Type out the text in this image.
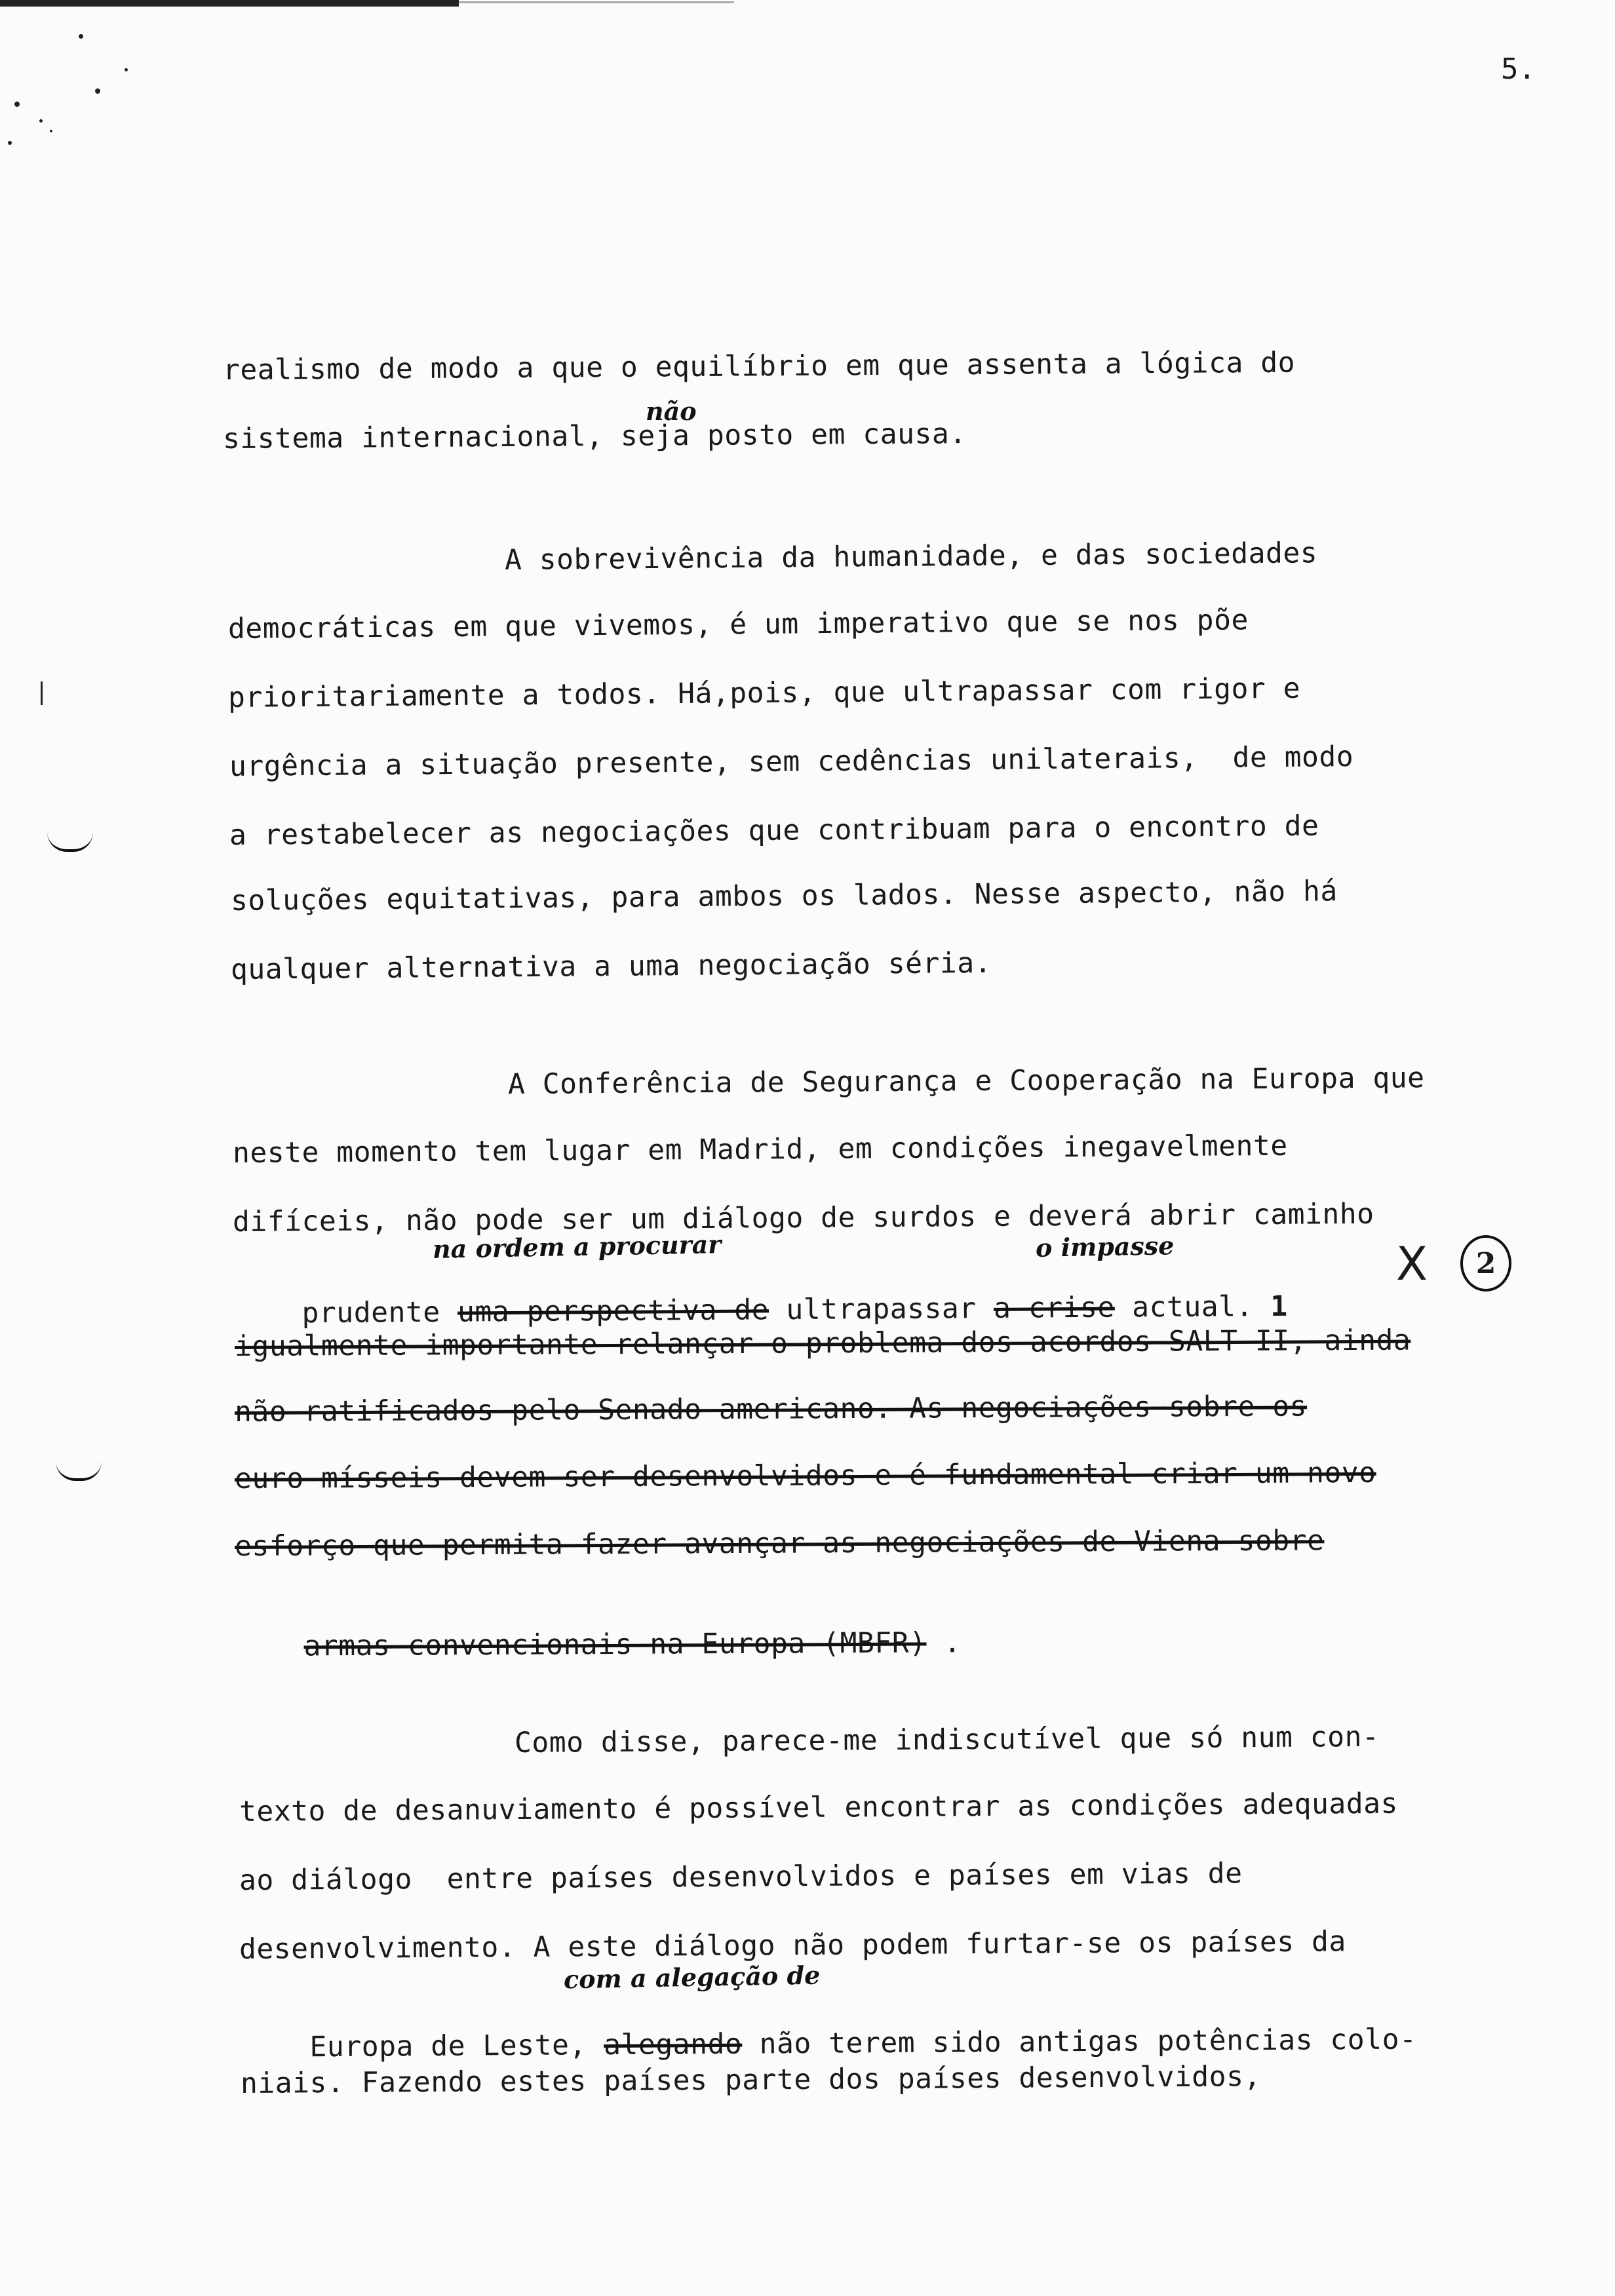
5.
realismo de modo a que o equilíbrio em que assenta a lógica do
não
sistema internacional, seja posto em causa.
A sobrevivência da humanidade, e das sociedades
democráticas em que vivemos, é um imperativo que se nos põe
prioritariamente a todos. Há,pois, que ultrapassar com rigor e
urgência a situação presente, sem cedências unilaterais,  de modo
a restabelecer as negociações que contribuam para o encontro de
soluções equitativas, para ambos os lados. Nesse aspecto, não há
qualquer alternativa a uma negociação séria.
A Conferência de Segurança e Cooperação na Europa que
neste momento tem lugar em Madrid, em condições inegavelmente
difíceis, não pode ser um diálogo de surdos e deverá abrir caminho
na ordem a procurar	o impasse

prudente uma perspectiva de ultrapassar a crise actual. 1

X 2
igualmente importante relançar o problema dos acordos SALT II, ainda
não ratificados pelo Senado americano. As negociações sobre os
euro-mísseis devem ser desenvolvidos e é fundamental criar um novo
esforço que permita fazer avançar as negociações de Viena sobre

armas convencionais na Europa (MBFR) .

Como disse, parece-me indiscutível que só num con-
texto de desanuviamento é possível encontrar as condições adequadas
ao diálogo  entre países desenvolvidos e países em vias de
desenvolvimento. A este diálogo não podem furtar-se os países da
com a alegação de

Europa de Leste, alegando não terem sido antigas potências colo-

niais. Fazendo estes países parte dos países desenvolvidos,
